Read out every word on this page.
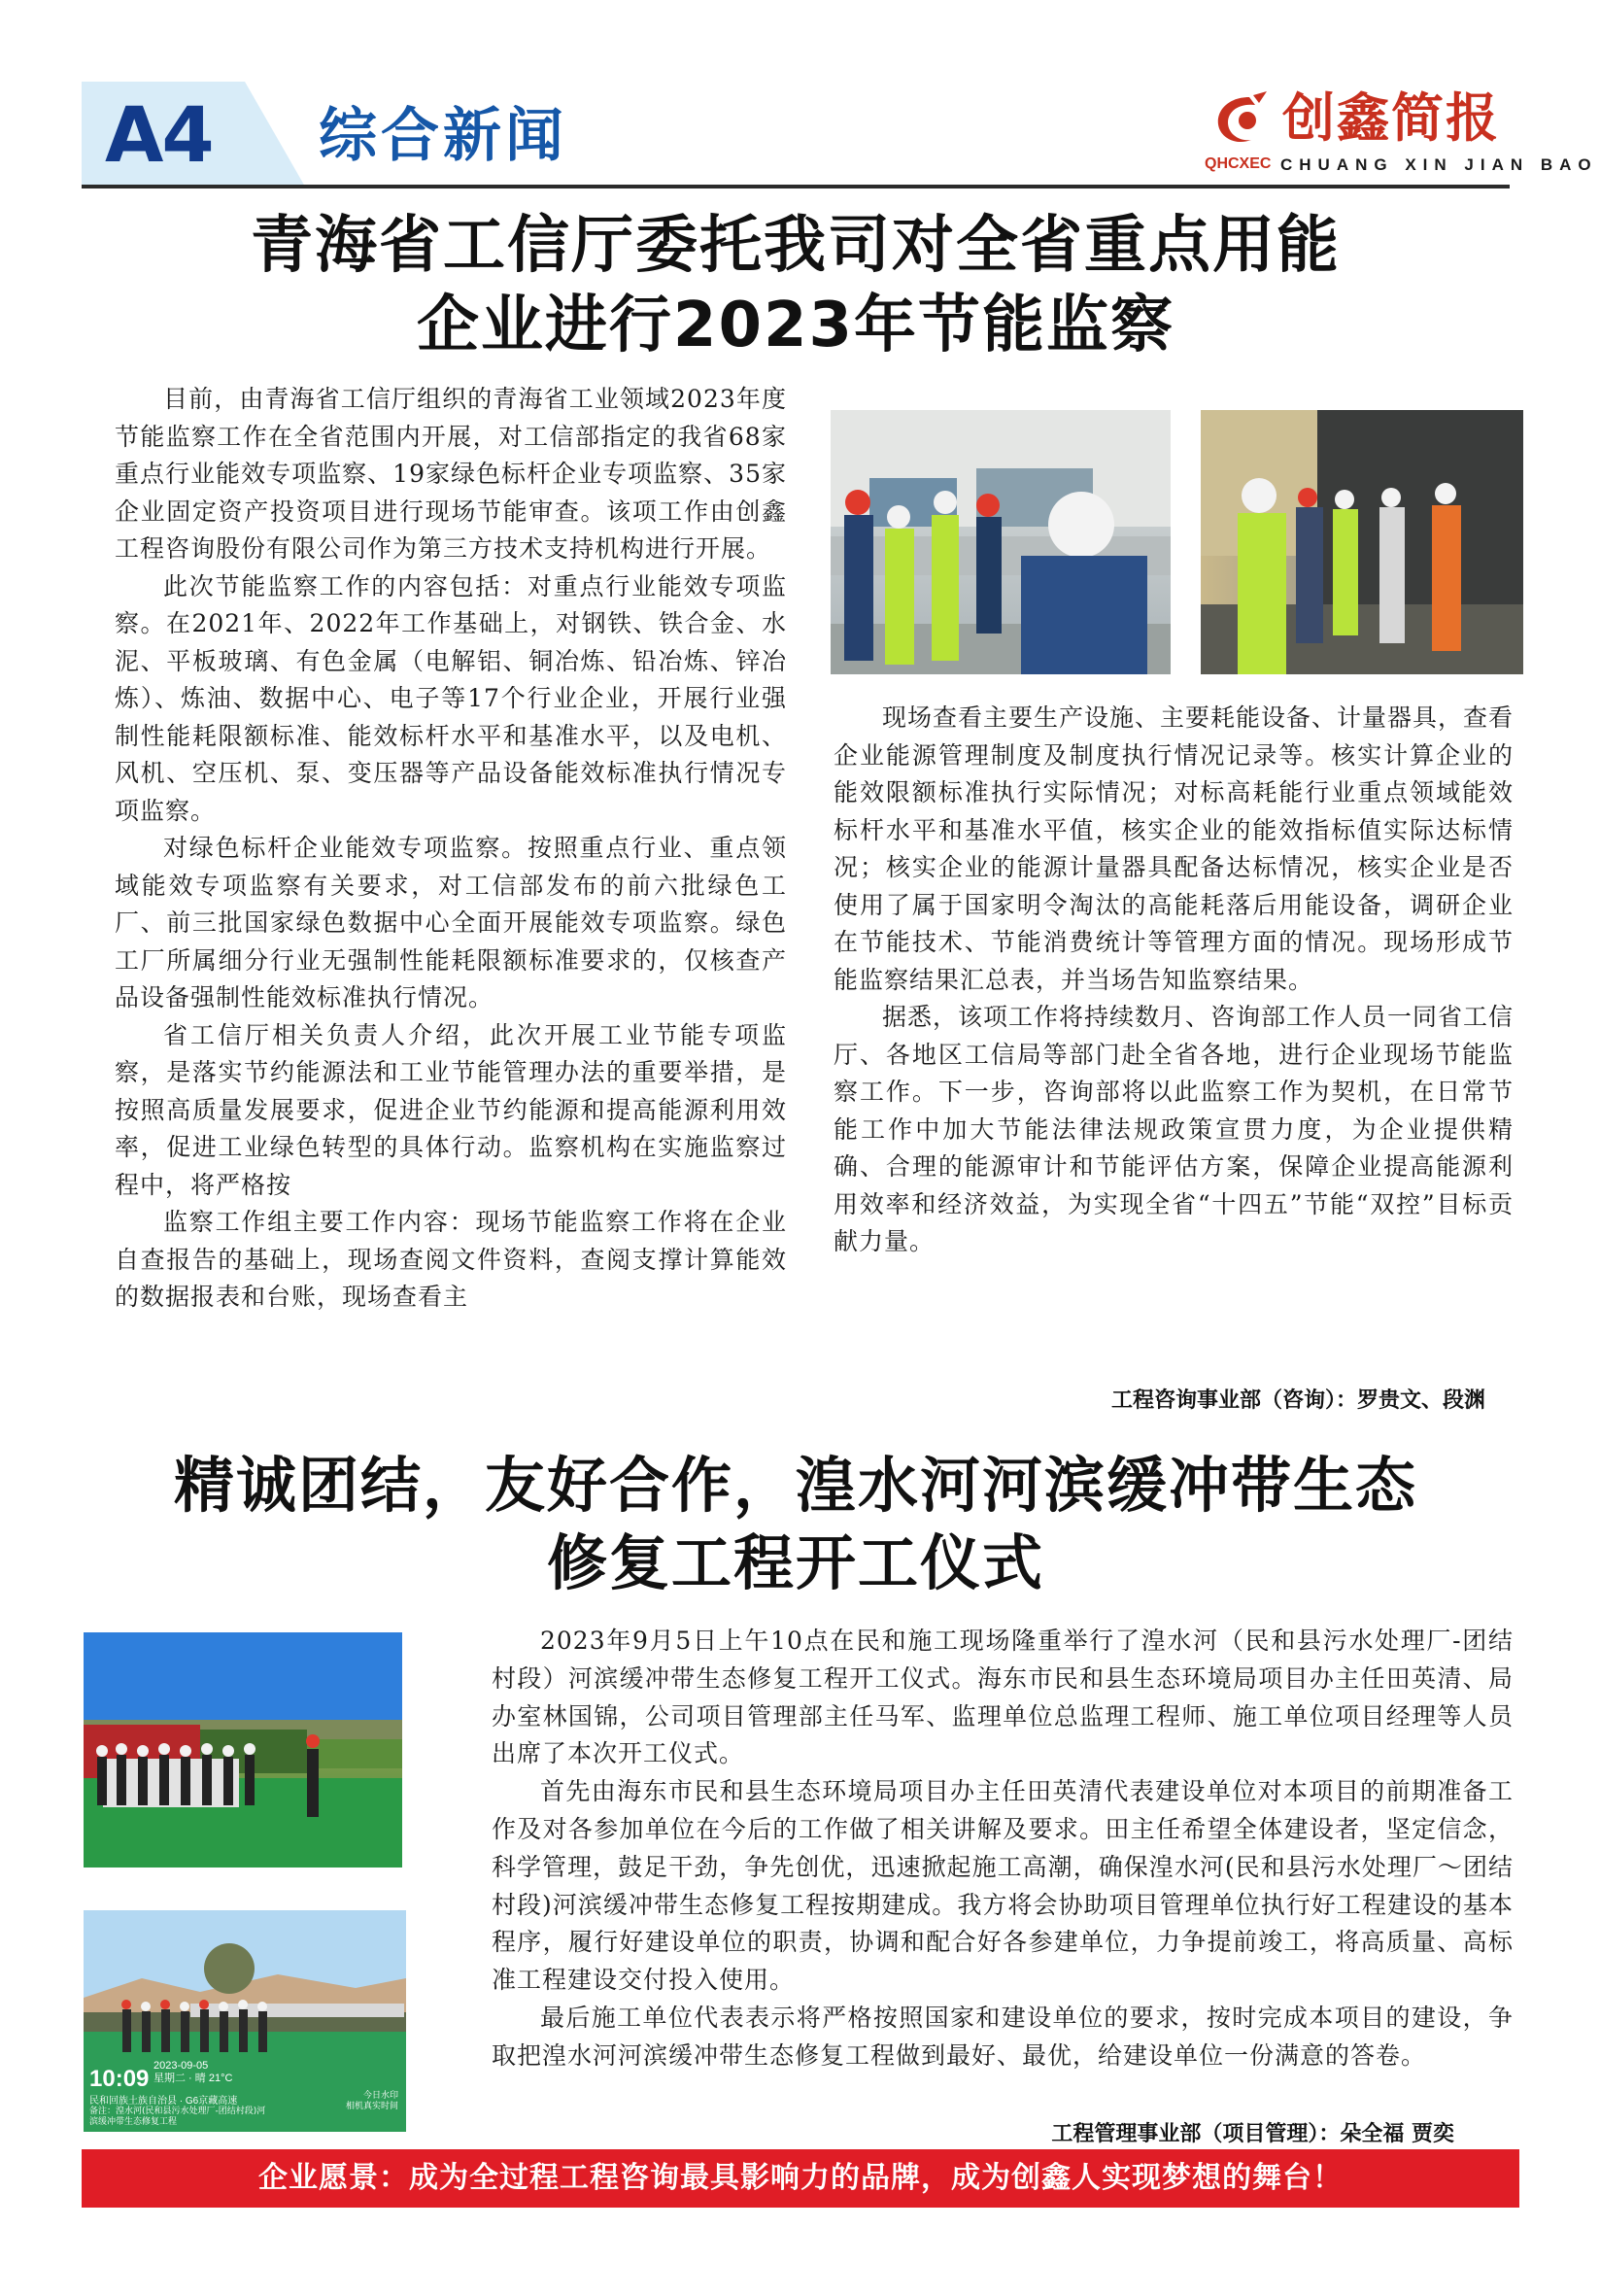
A4 综合新闻	创鑫简报
QHCXEC CHUANG XIN JIAN BAO
青海省工信厅委托我司对全省重点用能
企业进行2023年节能监察

目前，由青海省工信厅组织的青海省工业领域2023年度节能监察工作在全省范围内开展，对工信部指定的我省68家重点行业能效专项监察、19家绿色标杆企业专项监察、35家企业固定资产投资项目进行现场节能审查。该项工作由创鑫工程咨询股份有限公司作为第三方技术支持机构进行开展。

此次节能监察工作的内容包括：对重点行业能效专项监察。在2021年、2022年工作基础上，对钢铁、铁合金、水泥、平板玻璃、有色金属（电解铝、铜冶炼、铅冶炼、锌冶炼）、炼油、数据中心、电子等17个行业企业，开展行业强制性能耗限额标准、能效标杆水平和基准水平，以及电机、风机、空压机、泵、变压器等产品设备能效标准执行情况专项监察。

对绿色标杆企业能效专项监察。按照重点行业、重点领域能效专项监察有关要求，对工信部发布的前六批绿色工厂、前三批国家绿色数据中心全面开展能效专项监察。绿色工厂所属细分行业无强制性能耗限额标准要求的，仅核查产品设备强制性能效标准执行情况。

省工信厅相关负责人介绍，此次开展工业节能专项监察，是落实节约能源法和工业节能管理办法的重要举措，是按照高质量发展要求，促进企业节约能源和提高能源利用效率，促进工业绿色转型的具体行动。监察机构在实施监察过程中，将严格按

监察工作组主要工作内容：现场节能监察工作将在企业自查报告的基础上，现场查阅文件资料，查阅支撑计算能效的数据报表和台账，现场查看主

现场查看主要生产设施、主要耗能设备、计量器具，查看企业能源管理制度及制度执行情况记录等。核实计算企业的能效限额标准执行实际情况；对标高耗能行业重点领域能效标杆水平和基准水平值，核实企业的能效指标值实际达标情况；核实企业的能源计量器具配备达标情况，核实企业是否使用了属于国家明令淘汰的高能耗落后用能设备，调研企业在节能技术、节能消费统计等管理方面的情况。现场形成节能监察结果汇总表，并当场告知监察结果。

据悉，该项工作将持续数月、咨询部工作人员一同省工信厅、各地区工信局等部门赴全省各地，进行企业现场节能监察工作。下一步，咨询部将以此监察工作为契机，在日常节能工作中加大节能法律法规政策宣贯力度，为企业提供精确、合理的能源审计和节能评估方案，保障企业提高能源利用效率和经济效益，为实现全省“十四五”节能“双控”目标贡献力量。

工程咨询事业部（咨询）：罗贵文、段渊
精诚团结，友好合作，湟水河河滨缓冲带生态
修复工程开工仪式
10:09 2023-09-05
星期二 · 晴 21°C
民和回族土族自治县 · G6京藏高速
备注：湟水河(民和县污水处理厂-团结村段)河
滨缓冲带生态修复工程
今日水印
相机真实时间

2023年9月5日上午10点在民和施工现场隆重举行了湟水河（民和县污水处理厂-团结村段）河滨缓冲带生态修复工程开工仪式。海东市民和县生态环境局项目办主任田英清、局办室林国锦，公司项目管理部主任马军、监理单位总监理工程师、施工单位项目经理等人员出席了本次开工仪式。

首先由海东市民和县生态环境局项目办主任田英清代表建设单位对本项目的前期准备工作及对各参加单位在今后的工作做了相关讲解及要求。田主任希望全体建设者，坚定信念，科学管理，鼓足干劲，争先创优，迅速掀起施工高潮，确保湟水河(民和县污水处理厂～团结村段)河滨缓冲带生态修复工程按期建成。我方将会协助项目管理单位执行好工程建设的基本程序，履行好建设单位的职责，协调和配合好各参建单位，力争提前竣工，将高质量、高标准工程建设交付投入使用。

最后施工单位代表表示将严格按照国家和建设单位的要求，按时完成本项目的建设，争取把湟水河河滨缓冲带生态修复工程做到最好、最优，给建设单位一份满意的答卷。

工程管理事业部（项目管理）：朵全福 贾奕
企业愿景：成为全过程工程咨询最具影响力的品牌，成为创鑫人实现梦想的舞台！
